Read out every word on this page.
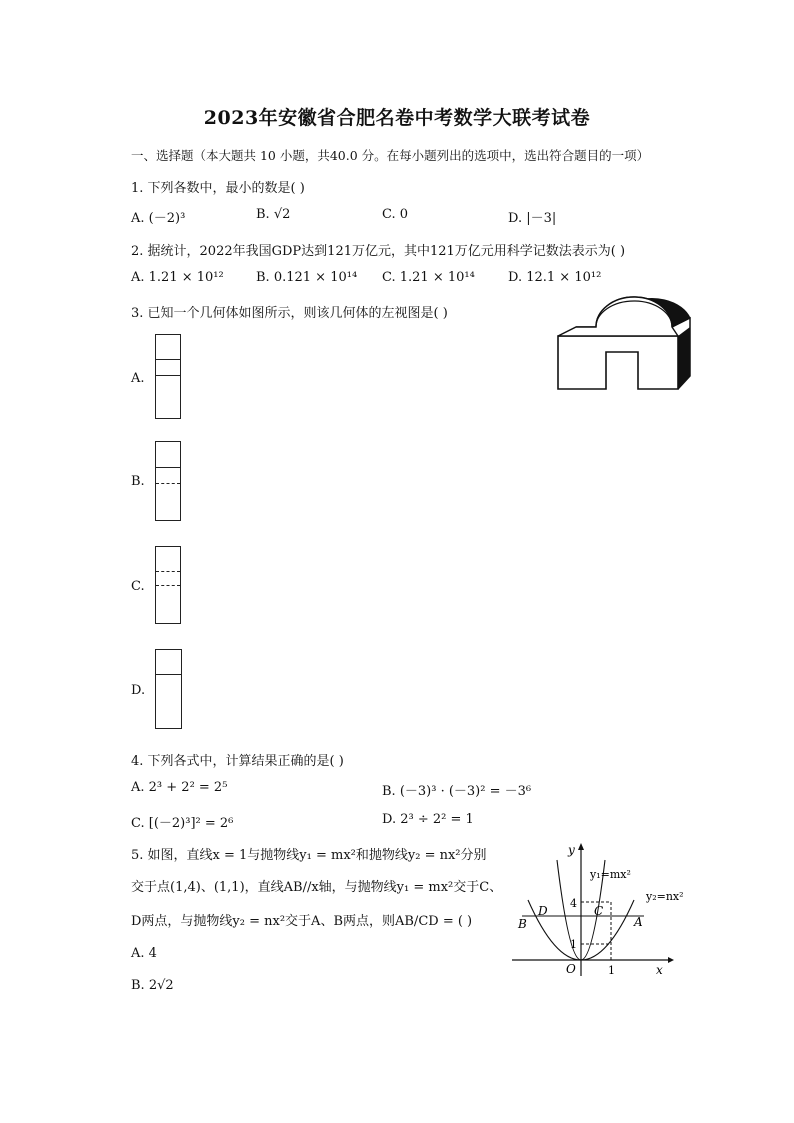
2023年安徽省合肥名卷中考数学大联考试卷
一、选择题（本大题共 10 小题，共40.0 分。在每小题列出的选项中，选出符合题目的一项）
1. 下列各数中，最小的数是( )
A. (－2)³	B. √2	C. 0	D. |－3|
2. 据统计，2022年我国GDP达到121万亿元，其中121万亿元用科学记数法表示为( )
A. 1.21 × 10¹² B. 0.121 × 10¹⁴ C. 1.21 × 10¹⁴	D. 12.1 × 10¹²
3. 已知一个几何体如图所示，则该几何体的左视图是( )
A.
B.
C.
D.
4. 下列各式中，计算结果正确的是( )
A. 2³ + 2² = 2⁵	B. (－3)³ · (－3)² = －3⁶
C. [(－2)³]² = 2⁶	D. 2³ ÷ 2² = 1
5. 如图，直线x = 1与抛物线y₁ = mx²和抛物线y₂ = nx²分别
交于点(1,4)、(1,1)，直线AB//x轴，与抛物线y₁ = mx²交于C、
D两点，与抛物线y₂ = nx²交于A、B两点，则AB/CD = ( )
A. 4
B. 2√2
y
x
O
y₁=mx²
y₂=nx²
4
1
1
A
B
C
D
